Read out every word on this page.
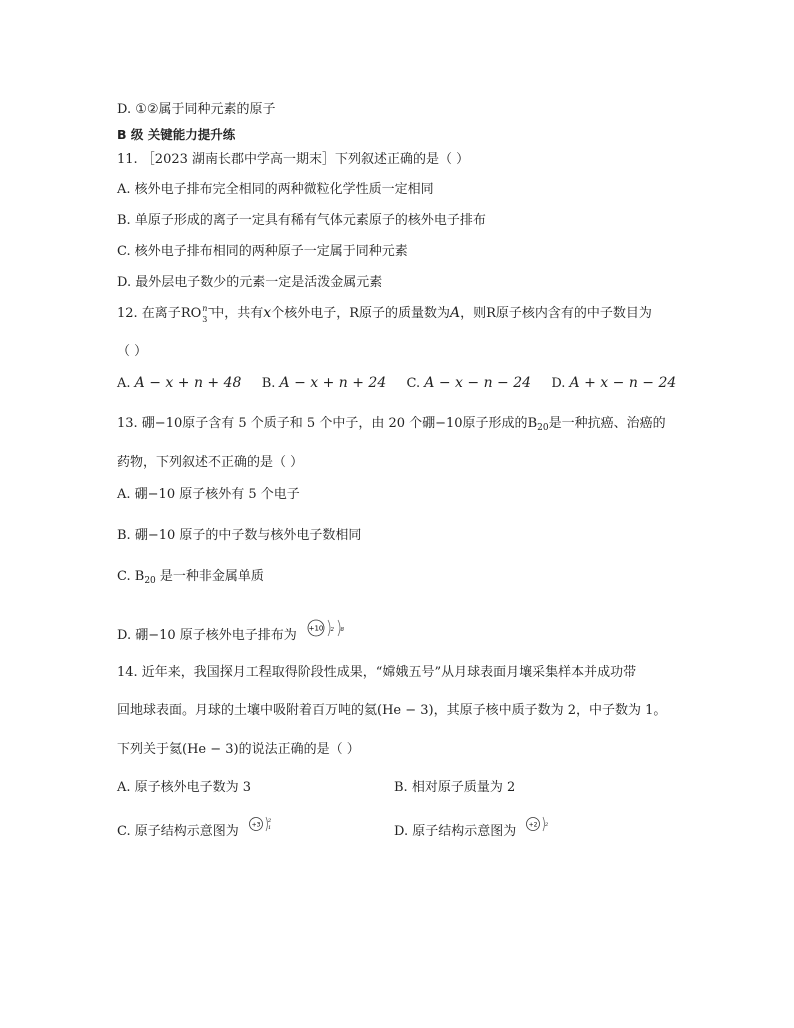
D. ①②属于同种元素的原子
B 级 关键能力提升练
11. ［2023 湖南长郡中学高一期末］下列叙述正确的是（ ）
A. 核外电子排布完全相同的两种微粒化学性质一定相同
B. 单原子形成的离子一定具有稀有气体元素原子的核外电子排布
C. 核外电子排布相同的两种原子一定属于同种元素
D. 最外层电子数少的元素一定是活泼金属元素
12. 在离子RO n−
3 中，共有x个核外电子，R原子的质量数为A，则R原子核内含有的中子数目为
（ ）
A. A − x + n + 48 B. A − x + n + 24 C. A − x − n − 24 D. A + x − n − 24
13. 硼−10原子含有 5 个质子和 5 个中子，由 20 个硼−10原子形成的$B_{20}$是一种抗癌、治癌的
药物，下列叙述不正确的是（ ）
A. 硼−10 原子核外有 5 个电子
B. 硼−10 原子的中子数与核外电子数相同
C. $B_{20}$ 是一种非金属单质
D. 硼−10 原子核外电子排布为 +10 2 8
14. 近年来，我国探月工程取得阶段性成果，“嫦娥五号”从月球表面月壤采集样本并成功带
回地球表面。月球的土壤中吸附着百万吨的氦(He − 3)，其原子核中质子数为 2，中子数为 1。
下列关于氦(He − 3)的说法正确的是（ ）
A. 原子核外电子数为 3	B. 相对原子质量为 2
C. 原子结构示意图为 +3
2
1	D. 原子结构示意图为 +2 2
